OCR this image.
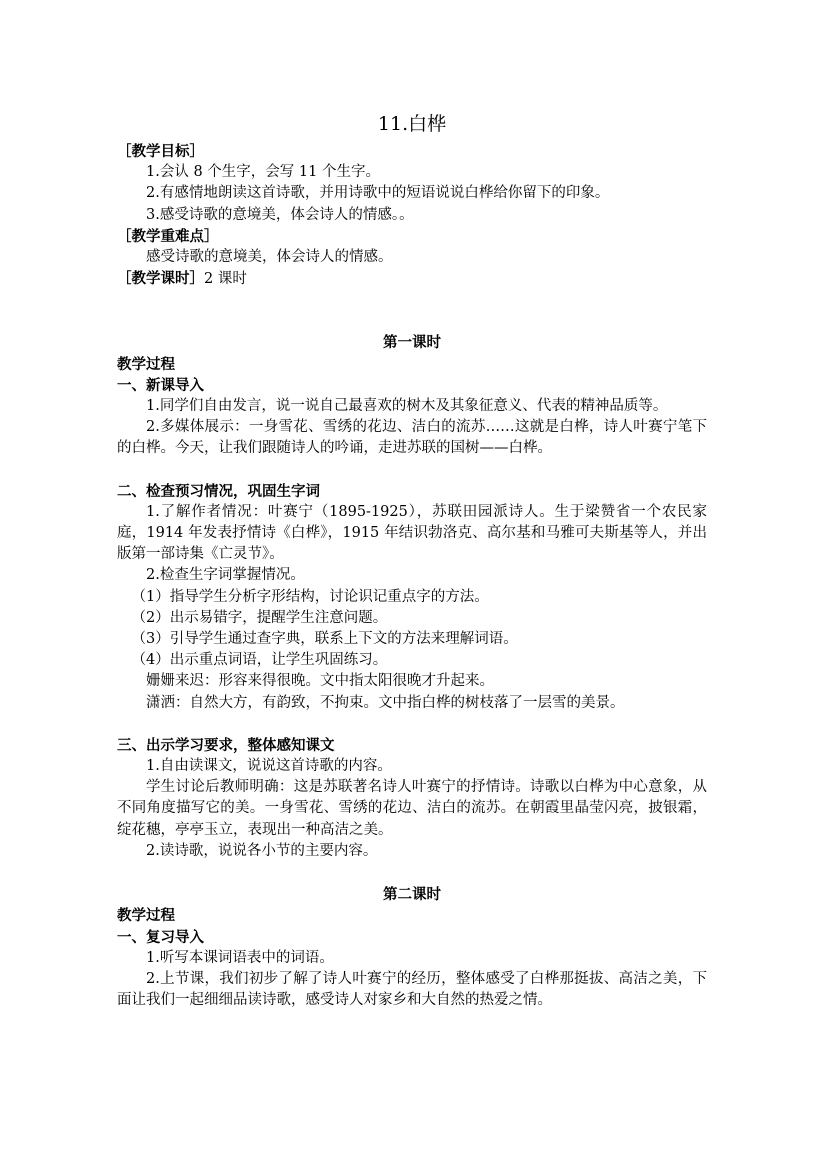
11.白桦
［教学目标］
1.会认 8 个生字，会写 11 个生字。
2.有感情地朗读这首诗歌，并用诗歌中的短语说说白桦给你留下的印象。
3.感受诗歌的意境美，体会诗人的情感。。
［教学重难点］
感受诗歌的意境美，体会诗人的情感。
［教学课时］2 课时
第一课时
教学过程
一、新课导入
1.同学们自由发言，说一说自己最喜欢的树木及其象征意义、代表的精神品质等。
2.多媒体展示：一身雪花、雪绣的花边、洁白的流苏……这就是白桦，诗人叶赛宁笔下的白桦。今天，让我们跟随诗人的吟诵，走进苏联的国树——白桦。
二、检查预习情况，巩固生字词
1.了解作者情况：叶赛宁（1895-1925），苏联田园派诗人。生于梁赞省一个农民家庭，1914 年发表抒情诗《白桦》，1915 年结识勃洛克、高尔基和马雅可夫斯基等人，并出版第一部诗集《亡灵节》。
2.检查生字词掌握情况。
（1）指导学生分析字形结构，讨论识记重点字的方法。
（2）出示易错字，提醒学生注意问题。
（3）引导学生通过查字典，联系上下文的方法来理解词语。
（4）出示重点词语，让学生巩固练习。
姗姗来迟：形容来得很晚。文中指太阳很晚才升起来。
潇洒：自然大方，有韵致，不拘束。文中指白桦的树枝落了一层雪的美景。
三、出示学习要求，整体感知课文
1.自由读课文，说说这首诗歌的内容。
学生讨论后教师明确：这是苏联著名诗人叶赛宁的抒情诗。诗歌以白桦为中心意象，从不同角度描写它的美。一身雪花、雪绣的花边、洁白的流苏。在朝霞里晶莹闪亮，披银霜，绽花穗，亭亭玉立，表现出一种高洁之美。
2.读诗歌，说说各小节的主要内容。
第二课时
教学过程
一、复习导入
1.听写本课词语表中的词语。
2.上节课，我们初步了解了诗人叶赛宁的经历，整体感受了白桦那挺拔、高洁之美，下面让我们一起细细品读诗歌，感受诗人对家乡和大自然的热爱之情。
